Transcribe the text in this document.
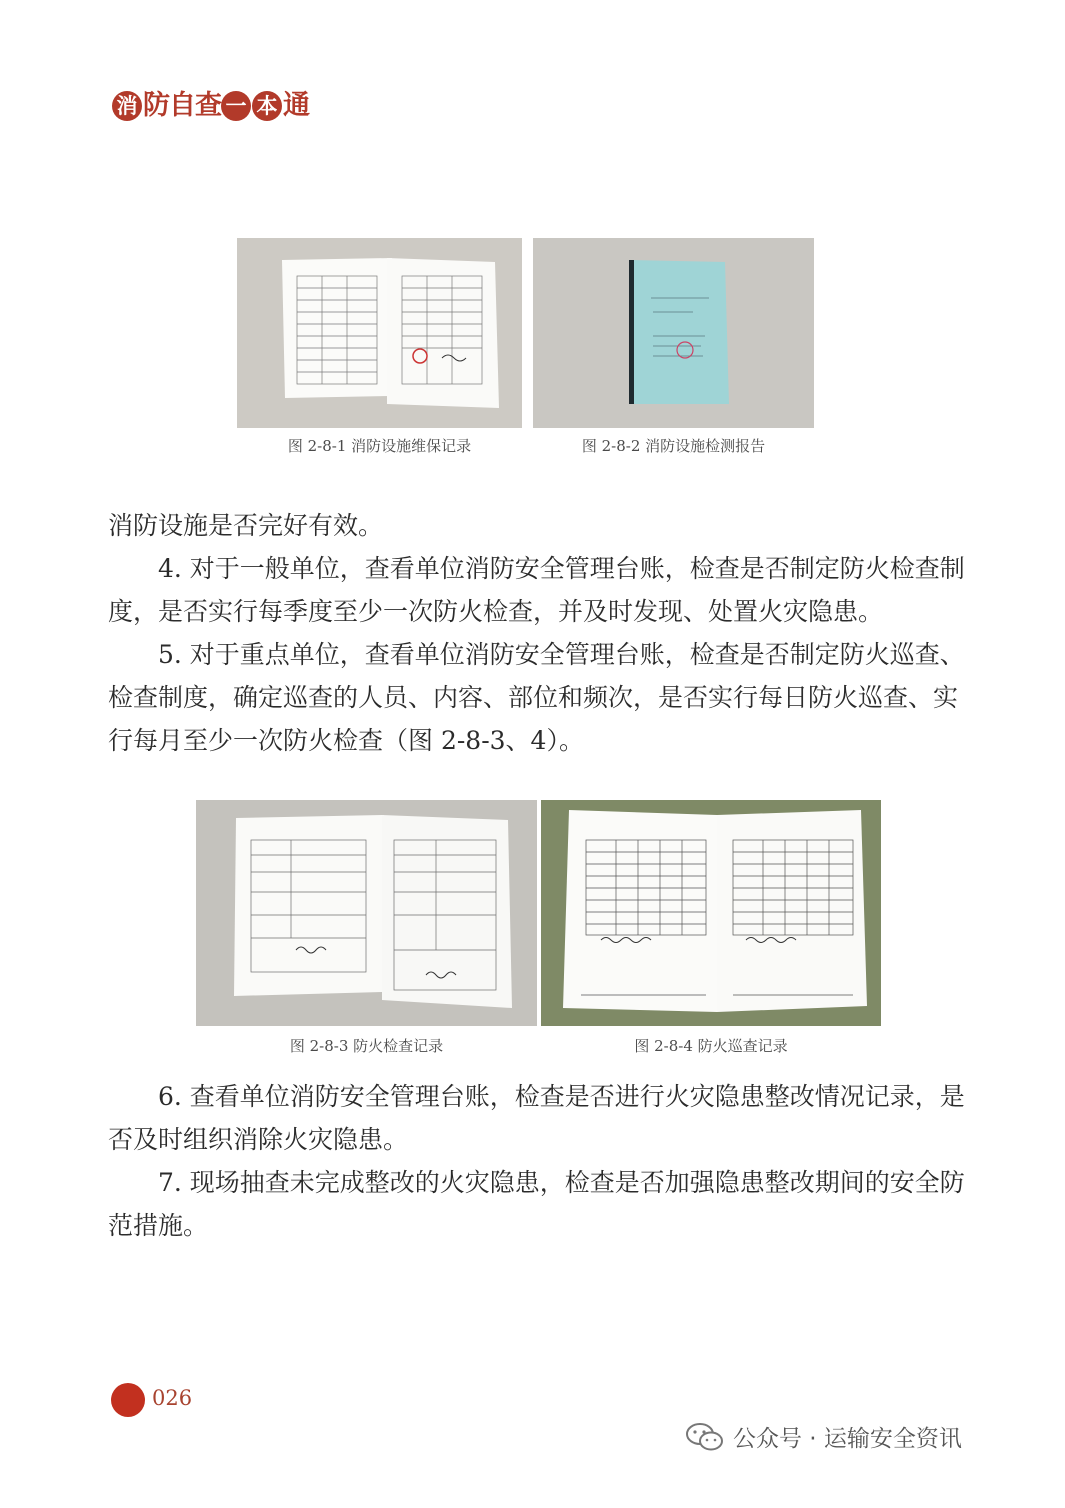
消 防 自 查 一 本 通
图 2-8-1 消防设施维保记录	图 2-8-2 消防设施检测报告

消防设施是否完好有效。

4. 对于一般单位，查看单位消防安全管理台账，检查是否制定防火检查制度，是否实行每季度至少一次防火检查，并及时发现、处置火灾隐患。

5. 对于重点单位，查看单位消防安全管理台账，检查是否制定防火巡查、检查制度，确定巡查的人员、内容、部位和频次，是否实行每日防火巡查、实行每月至少一次防火检查（图 2-8-3、4）。

图 2-8-3 防火检查记录	图 2-8-4 防火巡查记录

6. 查看单位消防安全管理台账，检查是否进行火灾隐患整改情况记录，是否及时组织消除火灾隐患。

7. 现场抽查未完成整改的火灾隐患，检查是否加强隐患整改期间的安全防范措施。

026
公众号 · 运输安全资讯
